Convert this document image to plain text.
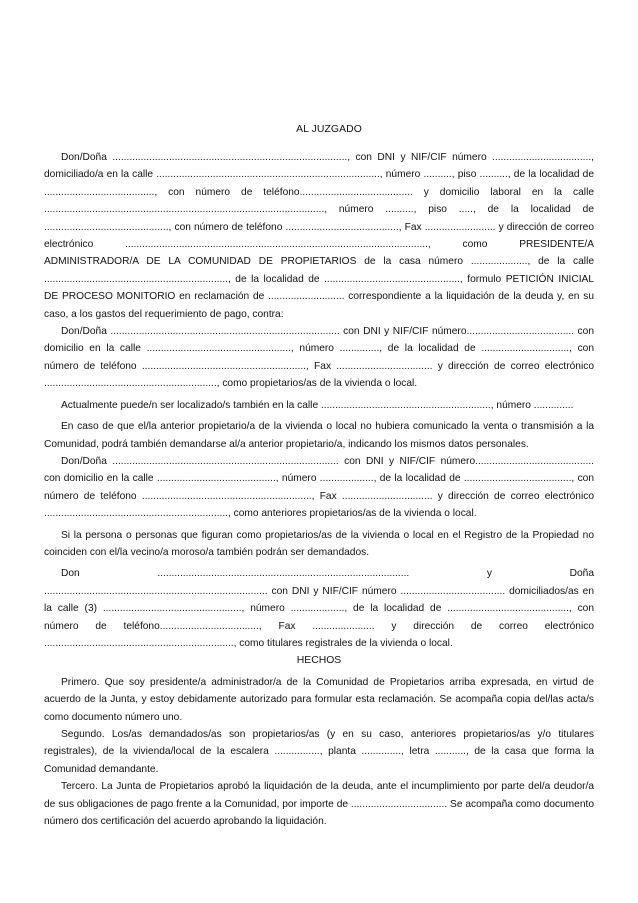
AL JUZGADO

Don/Doña ..................................................................................., con DNI y NIF/CIF número ..................................., domiciliado/a en la calle ..............................................................................., número .........., piso .........., de la localidad de ......................................., con número de teléfono........................................ y domicilio laboral en la calle ..................................................................................................., número .........., piso ....., de la localidad de ............................................, con número de teléfono ........................................, Fax ......................... y dirección de correo electrónico ..........................................................................................................., como PRESIDENTE/A ADMINISTRADOR/A DE LA COMUNIDAD DE PROPIETARIOS de la casa número ...................., de la calle ................................................................., de la localidad de ................................................, formulo PETICIÓN INICIAL DE PROCESO MONITORIO en reclamación de ........................... correspondiente a la liquidación de la deuda y, en su caso, a los gastos del requerimiento de pago, contra:

Don/Doña ................................................................................. con DNI y NIF/CIF número...................................... con domicilio en la calle ..................................................., número .............., de la localidad de ..............................., con número de teléfono .........................................................., Fax .................................. y dirección de correo electrónico ............................................................., como propietarios/as de la vivienda o local.

Actualmente puede/n ser localizado/s también en la calle ............................................................, número ..............

En caso de que el/la anterior propietario/a de la vivienda o local no hubiera comunicado la venta o transmisión a la Comunidad, podrá también demandarse al/a anterior propietario/a, indicando los mismos datos personales.

Don/Doña ................................................................................ con DNI y NIF/CIF número.......................................... con domicilio en la calle .........................................., número ..................., de la localidad de ......................................, con número de teléfono ............................................................, Fax ................................ y dirección de correo electrónico ................................................................., como anteriores propietarios/as de la vivienda o local.

Si la persona o personas que figuran como propietarios/as de la vivienda o local en el Registro de la Propiedad no coinciden con el/la vecino/a moroso/a también podrán ser demandados.

Don ......................................................................................... y Doña ............................................................................... con DNI y NIF/CIF número ..................................... domiciliados/as en la calle (3) ................................................., número ..................., de la localidad de ..........................................., con número de teléfono..................................., Fax ...................... y dirección de correo electrónico ..................................................................., como titulares registrales de la vivienda o local.

HECHOS

Primero. Que soy presidente/a administrador/a de la Comunidad de Propietarios arriba expresada, en virtud de acuerdo de la Junta, y estoy debidamente autorizado para formular esta reclamación. Se acompaña copia del/las acta/s como documento número uno.

Segundo. Los/as demandados/as son propietarios/as (y en su caso, anteriores propietarios/as y/o titulares registrales), de la vivienda/local de la escalera ................, planta .............., letra ..........., de la casa que forma la Comunidad demandante.

Tercero. La Junta de Propietarios aprobó la liquidación de la deuda, ante el incumplimiento por parte del/a deudor/a de sus obligaciones de pago frente a la Comunidad, por importe de .................................. Se acompaña como documento número dos certificación del acuerdo aprobando la liquidación.
